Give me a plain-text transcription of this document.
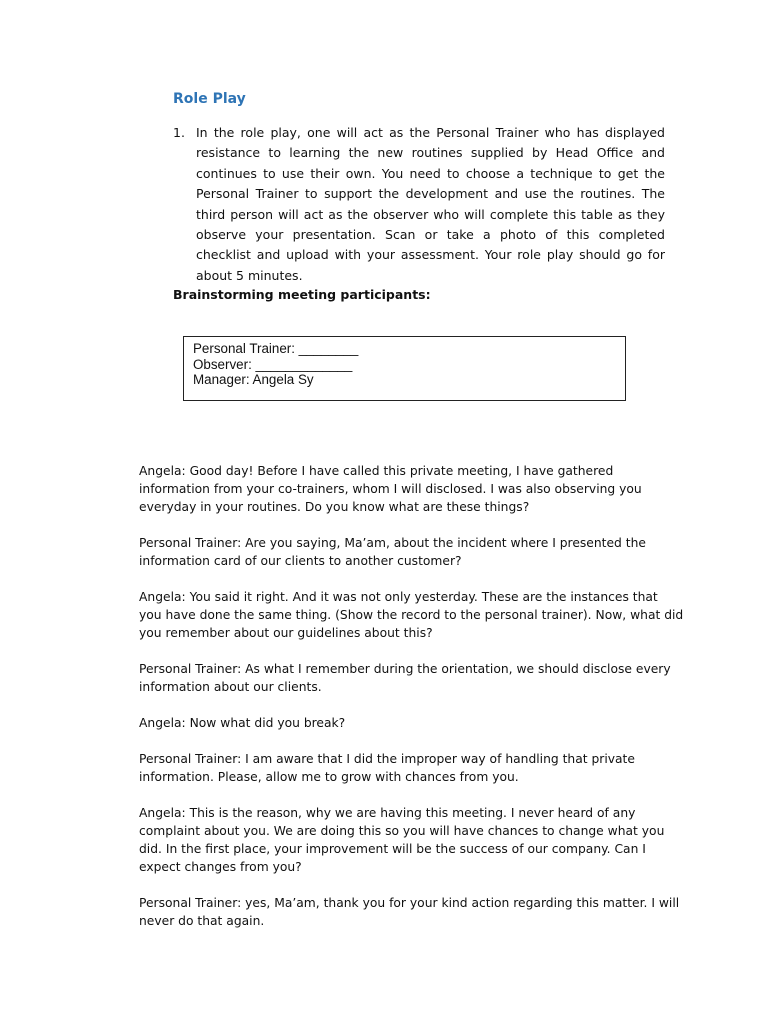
Role Play
1. In the role play, one will act as the Personal Trainer who has displayed resistance to learning the new routines supplied by Head Office and continues to use their own. You need to choose a technique to get the Personal Trainer to support the development and use the routines. The third person will act as the observer who will complete this table as they observe your presentation. Scan or take a photo of this completed checklist and upload with your assessment. Your role play should go for about 5 minutes.

Brainstorming meeting participants:

Personal Trainer: ________
Observer: _____________
Manager: Angela Sy

Angela: Good day! Before I have called this private meeting, I have gathered information from your co-trainers, whom I will disclosed. I was also observing you everyday in your routines. Do you know what are these things?

Personal Trainer: Are you saying, Ma’am, about the incident where I presented the information card of our clients to another customer?

Angela: You said it right. And it was not only yesterday. These are the instances that you have done the same thing. (Show the record to the personal trainer). Now, what did you remember about our guidelines about this?

Personal Trainer: As what I remember during the orientation, we should disclose every information about our clients.

Angela: Now what did you break?

Personal Trainer: I am aware that I did the improper way of handling that private information. Please, allow me to grow with chances from you.

Angela: This is the reason, why we are having this meeting. I never heard of any complaint about you. We are doing this so you will have chances to change what you did. In the first place, your improvement will be the success of our company. Can I expect changes from you?

Personal Trainer: yes, Ma’am, thank you for your kind action regarding this matter. I will never do that again.
